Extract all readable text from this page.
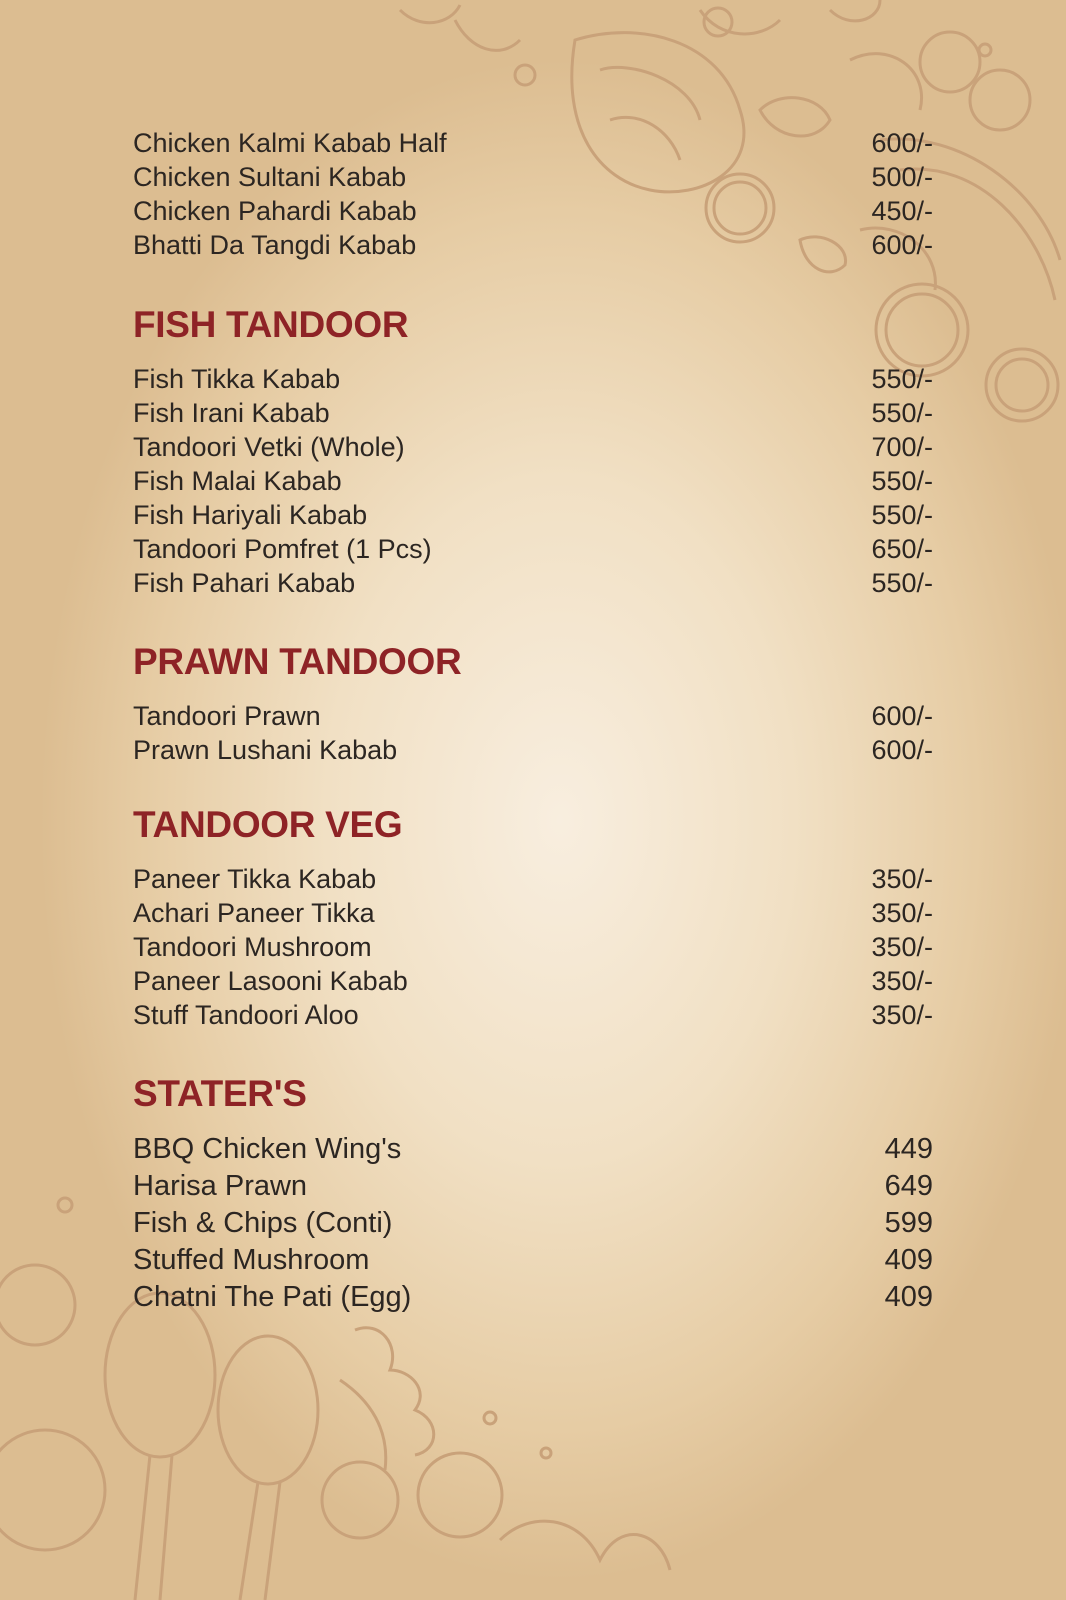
Chicken Kalmi Kabab Half	600/-
Chicken Sultani Kabab	500/-
Chicken Pahardi Kabab	450/-
Bhatti Da Tangdi Kabab	600/-
FISH TANDOOR
Fish Tikka Kabab	550/-
Fish Irani Kabab	550/-
Tandoori Vetki (Whole)	700/-
Fish Malai Kabab	550/-
Fish Hariyali Kabab	550/-
Tandoori Pomfret (1 Pcs)	650/-
Fish Pahari Kabab	550/-
PRAWN TANDOOR
Tandoori Prawn	600/-
Prawn Lushani Kabab	600/-
TANDOOR VEG
Paneer Tikka Kabab	350/-
Achari Paneer Tikka	350/-
Tandoori Mushroom	350/-
Paneer Lasooni Kabab	350/-
Stuff Tandoori Aloo	350/-
STATER'S
BBQ Chicken Wing's	449
Harisa Prawn	649
Fish & Chips (Conti)	599
Stuffed Mushroom	409
Chatni The Pati (Egg)	409
